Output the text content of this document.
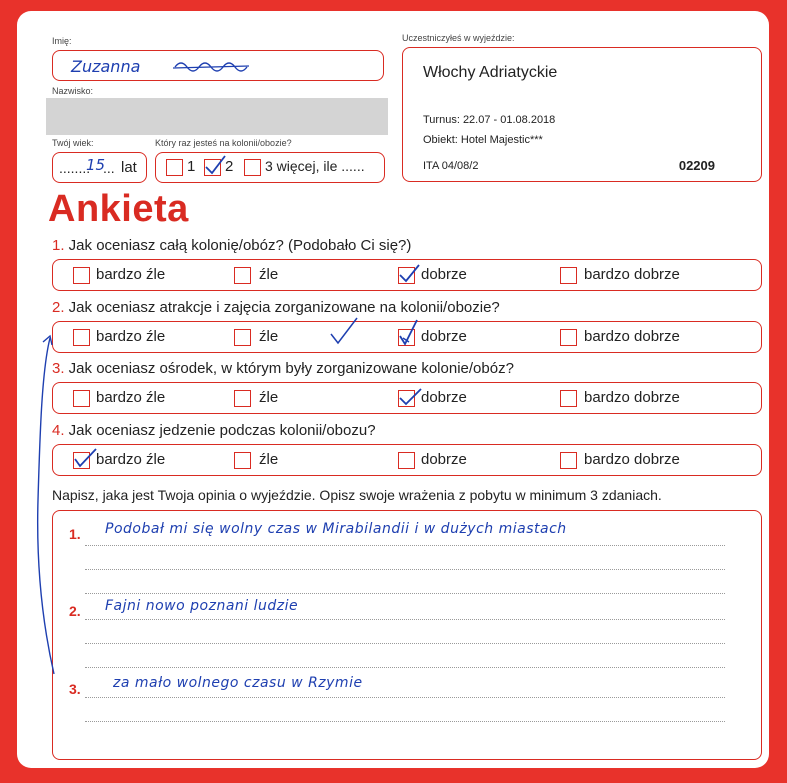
Imię:
Zuzanna
Nazwisko:
Twój wiek:
........
15
... lat
Który raz jesteś na kolonii/obozie?
1 2 3 więcej, ile ......
Uczestniczyłeś w wyjeździe:
Włochy Adriatyckie
Turnus: 22.07 - 01.08.2018
Obiekt: Hotel Majestic***
ITA 04/08/2	02209
Ankieta
1. Jak oceniasz całą kolonię/obóz? (Podobało Ci się?)
bardzo źle	źle	dobrze	bardzo dobrze
2. Jak oceniasz atrakcje i zajęcia zorganizowane na kolonii/obozie?
bardzo źle	źle	dobrze	bardzo dobrze
3. Jak oceniasz ośrodek, w którym były zorganizowane kolonie/obóz?
bardzo źle	źle	dobrze	bardzo dobrze
4. Jak oceniasz jedzenie podczas kolonii/obozu?
bardzo źle	źle	dobrze	bardzo dobrze
Napisz, jaka jest Twoja opinia o wyjeździe. Opisz swoje wrażenia z pobytu w minimum 3 zdaniach.
1. Podobał mi się wolny czas w Mirabilandii i w dużych miastach
2. Fajni nowo poznani ludzie
3. za mało wolnego czasu w Rzymie
